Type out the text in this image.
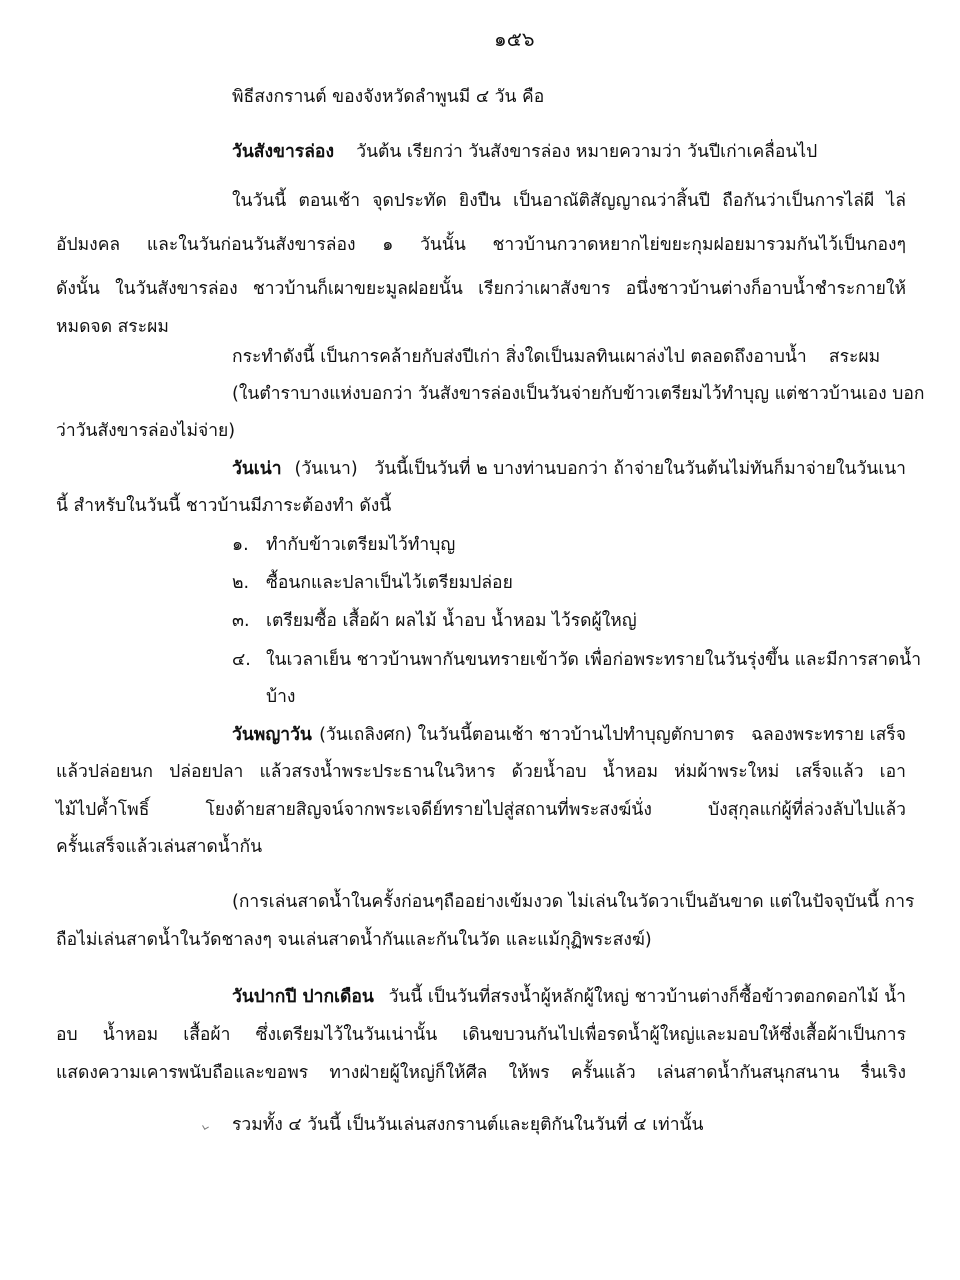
๑๕๖
พิธีสงกรานต์ ของจังหวัดลำพูนมี ๔ วัน คือ
วันสังขารล่อง วันต้น เรียกว่า วันสังขารล่อง หมายความว่า วันปีเก่าเคลื่อนไป
ในวันนี้ ตอนเช้า จุดประทัด ยิงปืน เป็นอาณัติสัญญาณว่าสิ้นปี ถือกันว่าเป็นการไล่ผี ไล่
อัปมงคล และในวันก่อนวันสังขารล่อง ๑ วันนั้น ชาวบ้านกวาดหยากไย่ขยะกุมฝอยมารวมกันไว้เป็นกองๆ
ดังนั้น ในวันสังขารล่อง ชาวบ้านก็เผาขยะมูลฝอยนั้น เรียกว่าเผาสังขาร อนึ่งชาวบ้านต่างก็อาบน้ำชำระกายให้
หมดจด สระผม
กระทำดังนี้ เป็นการคล้ายกับส่งปีเก่า สิ่งใดเป็นมลทินเผาล่งไป ตลอดถึงอาบน้ำ    สระผม
(ในตำราบางแห่งบอกว่า วันสังขารล่องเป็นวันจ่ายกับข้าวเตรียมไว้ทำบุญ แต่ชาวบ้านเอง บอก
ว่าวันสังขารล่องไม่จ่าย)
วันเน่า (วันเนา)   วันนี้เป็นวันที่ ๒ บางท่านบอกว่า ถ้าจ่ายในวันต้นไม่ทันก็มาจ่ายในวันเนา
นี้ สำหรับในวันนี้ ชาวบ้านมีภาระต้องทำ ดังนี้
๑. ทำกับข้าวเตรียมไว้ทำบุญ
๒. ซื้อนกและปลาเป็นไว้เตรียมปล่อย
๓. เตรียมซื้อ เสื้อผ้า ผลไม้ น้ำอบ น้ำหอม ไว้รดผู้ใหญ่
๔. ในเวลาเย็น ชาวบ้านพากันขนทรายเข้าวัด เพื่อก่อพระทรายในวันรุ่งขึ้น และมีการสาดน้ำ
บ้าง
วันพญาวัน (วันเถลิงศก) ในวันนี้ตอนเช้า ชาวบ้านไปทำบุญตักบาตร   ฉลองพระทราย เสร็จ
แล้วปล่อยนก ปล่อยปลา แล้วสรงน้ำพระประธานในวิหาร ด้วยน้ำอบ น้ำหอม ห่มผ้าพระใหม่ เสร็จแล้ว เอา
ไม้ไปค้ำโพธิ์ โยงด้ายสายสิญจน์จากพระเจดีย์ทรายไปสู่สถานที่พระสงฆ์นั่ง บังสุกุลแก่ผู้ที่ล่วงลับไปแล้ว
ครั้นเสร็จแล้วเล่นสาดน้ำกัน
(การเล่นสาดน้ำในครั้งก่อนๆถืออย่างเข้มงวด ไม่เล่นในวัดวาเป็นอันขาด แต่ในปัจจุบันนี้ การ
ถือไม่เล่นสาดน้ำในวัดชาลงๆ จนเล่นสาดน้ำกันและกันในวัด และแม้กุฏิพระสงฆ์)
วันปากปี ปากเดือน วันนี้ เป็นวันที่สรงน้ำผู้หลักผู้ใหญ่ ชาวบ้านต่างก็ซื้อข้าวตอกดอกไม้ น้ำ
อบ น้ำหอม เสื้อผ้า ซึ่งเตรียมไว้ในวันเน่านั้น เดินขบวนกันไปเพื่อรดน้ำผู้ใหญ่และมอบให้ซึ่งเสื้อผ้าเป็นการ
แสดงความเคารพนับถือและขอพร ทางฝ่ายผู้ใหญ่ก็ให้ศีล ให้พร ครั้นแล้ว เล่นสาดน้ำกันสนุกสนาน รื่นเริง
รวมทั้ง ๔ วันนี้ เป็นวันเล่นสงกรานต์และยุติกันในวันที่ ๔ เท่านั้น
